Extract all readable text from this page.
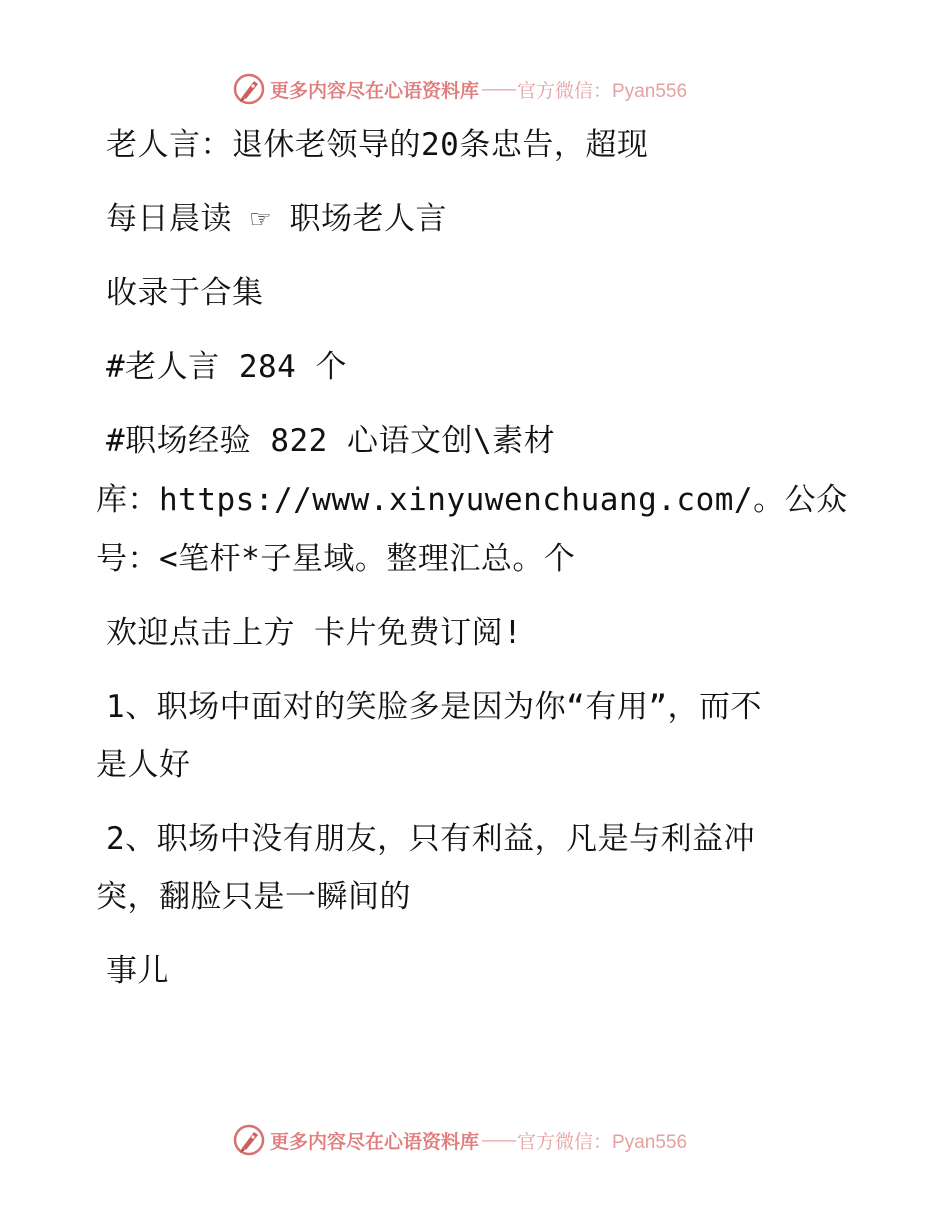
更多内容尽在心语资料库 —— 官方微信：Pyan556

老人言：退休老领导的20条忠告，超现

每日晨读 ☞ 职场老人言

收录于合集

#老人言 284 个

#职场经验 822 心语文创\素材

库：https://www.xinyuwenchuang.com/。公众

号：<笔杆*子星域。整理汇总。个

欢迎点击上方 卡片免费订阅!

1、职场中面对的笑脸多是因为你“有用”，而不

是人好

2、职场中没有朋友，只有利益，凡是与利益冲

突，翻脸只是一瞬间的

事儿

更多内容尽在心语资料库 —— 官方微信：Pyan556
